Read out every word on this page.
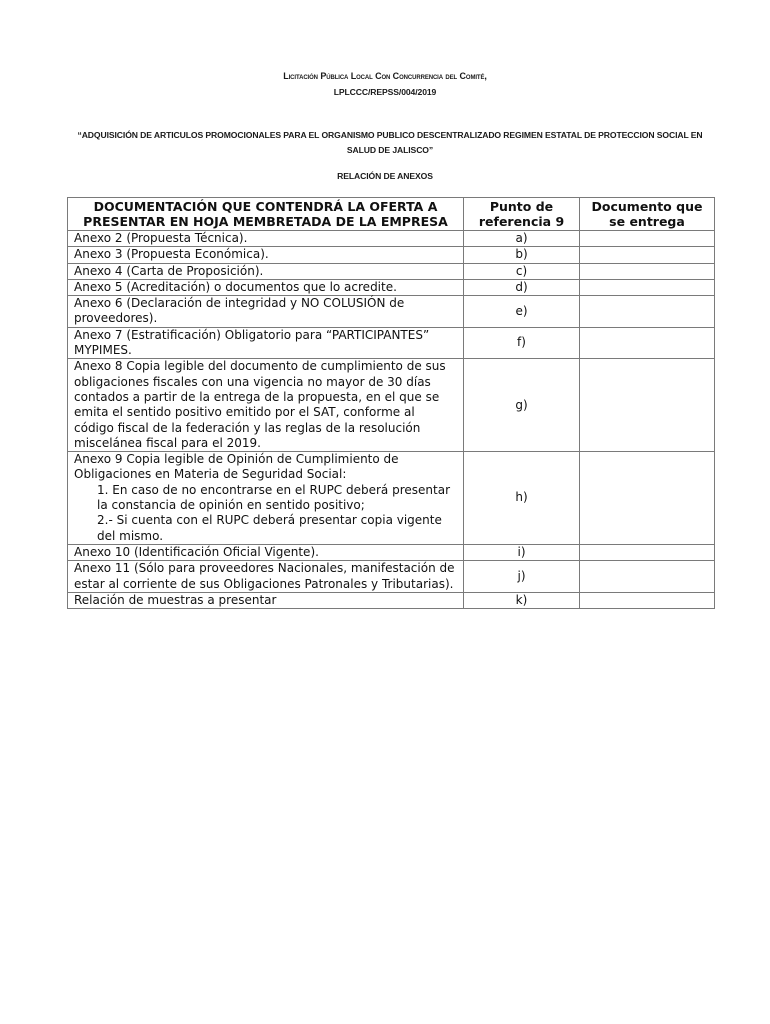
Licitación Pública Local Con Concurrencia del Comité,
LPLCCC/REPSS/004/2019
“ADQUISICIÓN DE ARTICULOS PROMOCIONALES PARA EL ORGANISMO PUBLICO DESCENTRALIZADO REGIMEN ESTATAL DE PROTECCION SOCIAL EN SALUD DE JALISCO”
RELACIÓN DE ANEXOS
DOCUMENTACIÓN QUE CONTENDRÁ LA OFERTA A PRESENTAR EN HOJA MEMBRETADA DE LA EMPRESA	Punto de referencia 9	Documento que se entrega
Anexo 2 (Propuesta Técnica).	a)	
Anexo 3 (Propuesta Económica).	b)	
Anexo 4 (Carta de Proposición).	c)	
Anexo 5 (Acreditación) o documentos que lo acredite.	d)	
Anexo 6 (Declaración de integridad y NO COLUSIÓN de proveedores).	e)	
Anexo 7 (Estratificación) Obligatorio para “PARTICIPANTES” MYPIMES.	f)	
Anexo 8 Copia legible del documento de cumplimiento de sus obligaciones fiscales con una vigencia no mayor de 30 días contados a partir de la entrega de la propuesta, en el que se emita el sentido positivo emitido por el SAT, conforme al código fiscal de la federación y las reglas de la resolución miscelánea fiscal para el 2019.	g)	
Anexo 9 Copia legible de Opinión de Cumplimiento de Obligaciones en Materia de Seguridad Social:
1. En caso de no encontrarse en el RUPC deberá presentar la constancia de opinión en sentido positivo;
2.- Si cuenta con el RUPC deberá presentar copia vigente del mismo.	h)	
Anexo 10 (Identificación Oficial Vigente).	i)	
Anexo 11 (Sólo para proveedores Nacionales, manifestación de estar al corriente de sus Obligaciones Patronales y Tributarias).	j)	
Relación de muestras a presentar	k)	
